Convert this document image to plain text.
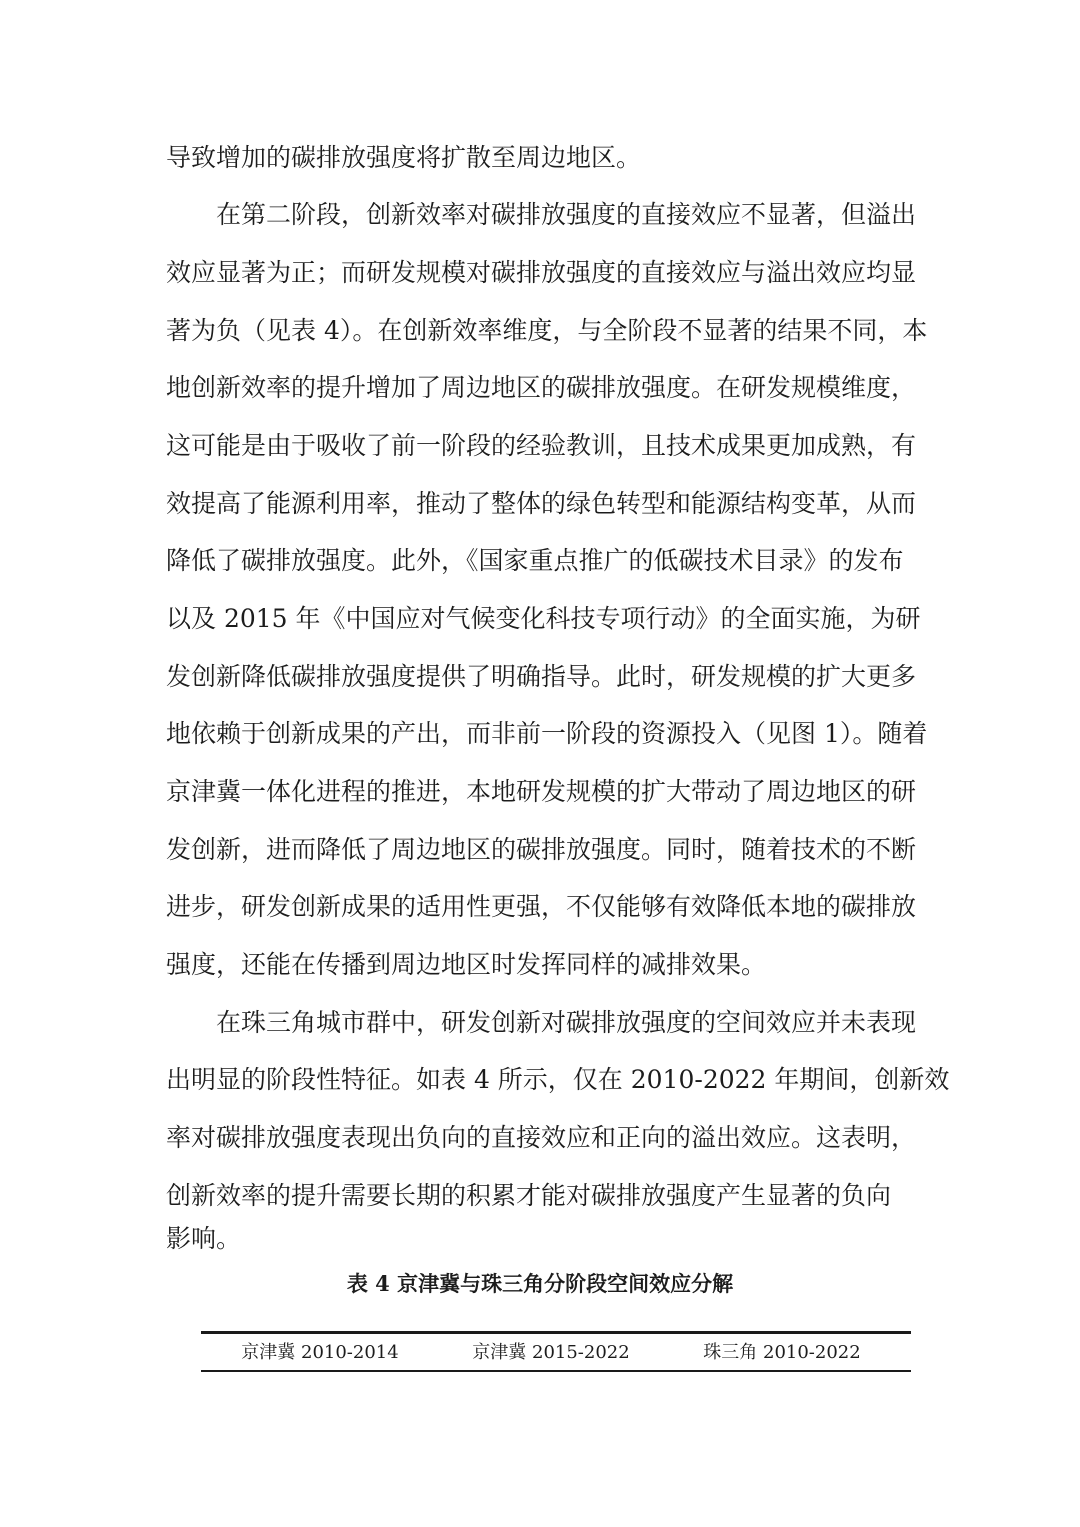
导致增加的碳排放强度将扩散至周边地区。
　　在第二阶段，创新效率对碳排放强度的直接效应不显著，但溢出
效应显著为正；而研发规模对碳排放强度的直接效应与溢出效应均显
著为负（见表 4）。在创新效率维度，与全阶段不显著的结果不同，本
地创新效率的提升增加了周边地区的碳排放强度。在研发规模维度，
这可能是由于吸收了前一阶段的经验教训，且技术成果更加成熟，有
效提高了能源利用率，推动了整体的绿色转型和能源结构变革，从而
降低了碳排放强度。此外，《国家重点推广的低碳技术目录》的发布
以及 2015 年《中国应对气候变化科技专项行动》的全面实施，为研
发创新降低碳排放强度提供了明确指导。此时，研发规模的扩大更多
地依赖于创新成果的产出，而非前一阶段的资源投入（见图 1）。随着
京津冀一体化进程的推进，本地研发规模的扩大带动了周边地区的研
发创新，进而降低了周边地区的碳排放强度。同时，随着技术的不断
进步，研发创新成果的适用性更强，不仅能够有效降低本地的碳排放
强度，还能在传播到周边地区时发挥同样的减排效果。
　　在珠三角城市群中，研发创新对碳排放强度的空间效应并未表现
出明显的阶段性特征。如表 4 所示，仅在 2010-2022 年期间，创新效
率对碳排放强度表现出负向的直接效应和正向的溢出效应。这表明，
创新效率的提升需要长期的积累才能对碳排放强度产生显著的负向
影响。
表 4 京津冀与珠三角分阶段空间效应分解
京津冀 2010-2014	京津冀 2015-2022	珠三角 2010-2022
